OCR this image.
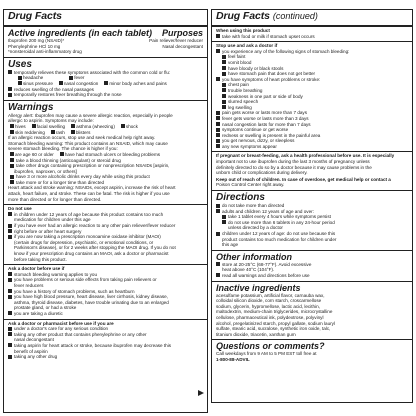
Drug Facts
Active ingredients (in each tablet) Purposes
Ibuprofen 200 mg (NSAID)*	Pain reliever/fever reducer
Phenylephrine HCl 10 mg	Nasal decongestant
*nonsteroidal anti-inflammatory drug
Uses
temporarily relieves these symptoms associated with the common cold or flu:
headache	fever
sinus pressure	nasal congestion	minor body aches and pains
reduces swelling of the nasal passages
temporarily restores freer breathing through the nose
Warnings
Allergy alert: Ibuprofen may cause a severe allergic reaction, especially in people
allergic to aspirin. Symptoms may include:
hives	facial swelling	asthma (wheezing)	shock
skin reddening	rash	blisters
If an allergic reaction occurs, stop use and seek medical help right away.
Stomach bleeding warning: This product contains an NSAID, which may cause
severe stomach bleeding. The chance is higher if you:
are age 60 or older	have had stomach ulcers or bleeding problems
take a blood thinning (anticoagulant) or steroid drug
take other drugs containing prescription or nonprescription NSAIDs [aspirin,
ibuprofen, naproxen, or others]
have 3 or more alcoholic drinks every day while using this product
take more or for a longer time than directed
Heart attack and stroke warning: NSAIDs, except aspirin, increase the risk of heart
attack, heart failure, and stroke. These can be fatal. The risk is higher if you use
more than directed or for longer than directed.
Do not use
in children under 12 years of age because this product contains too much
medication for children under this age
if you have ever had an allergic reaction to any other pain reliever/fever reducer
right before or after heart surgery
if you are now taking a prescription monoamine oxidase inhibitor (MAOI)
(certain drugs for depression, psychiatric, or emotional conditions, or
Parkinson's disease), or for 2 weeks after stopping the MAOI drug. If you do not
know if your prescription drug contains an MAOI, ask a doctor or pharmacist
before taking this product.
Ask a doctor before use if
stomach bleeding warning applies to you
you have problems or serious side effects from taking pain relievers or
fever reducers
you have a history of stomach problems, such as heartburn
you have high blood pressure, heart disease, liver cirrhosis, kidney disease,
asthma, thyroid disease, diabetes, have trouble urinating due to an enlarged
prostate gland, or had a stroke
you are taking a diuretic
Ask a doctor or pharmacist before use if you are
under a doctor's care for any serious condition
taking any other product that contains phenylephrine or any other
nasal decongestant
taking aspirin for heart attack or stroke, because ibuprofen may decrease this
benefit of aspirin
taking any other drug
Drug Facts (continued)
When using this product
take with food or milk if stomach upset occurs
Stop use and ask a doctor if
you experience any of the following signs of stomach bleeding:
feel faint
vomit blood
have bloody or black stools
have stomach pain that does not get better
you have symptoms of heart problems or stroke:
chest pain
trouble breathing
weakness in one part or side of body
slurred speech
leg swelling
pain gets worse or lasts more than 7 days
fever gets worse or lasts more than 3 days
nasal congestion lasts for more than 7 days
symptoms continue or get worse
redness or swelling is present in the painful area
you get nervous, dizzy, or sleepless
any new symptoms appear
If pregnant or breast-feeding, ask a health professional before use. It is especially
important not to use ibuprofen during the last 3 months of pregnancy unless
definitely directed to do so by a doctor because it may cause problems in the
unborn child or complications during delivery.
Keep out of reach of children. In case of overdose, get medical help or contact a
Poison Control Center right away.
Directions
do not take more than directed
adults and children 12 years of age and over:
take 1 tablet every 4 hours while symptoms persist
do not use more than 6 tablets in any 24-hour period
unless directed by a doctor
children under 12 years of age: do not use because this
product contains too much medication for children under
this age
Other information
store at 20-25°C (68-77°F). Avoid excessive
heat above 40°C (104°F).
read all warnings and directions before use
Inactive ingredients
acesulfame potassium, artificial flavor, carnauba wax,
colloidal silicon dioxide, corn starch, croscarmellose
sodium, glycerin, hypromellose, lactic acid, lecithin,
maltodextrin, medium-chain triglycerides, microcrystalline
cellulose, pharmaceutical ink, polydextrose, polyvinyl
alcohol, pregelatinized starch, propyl gallate, sodium lauryl
sulfate, stearic acid, sucralose, synthetic iron oxide, talc,
titanium dioxide, triacetin, xanthan gum
Questions or comments?
Call weekdays from 9 AM to 5 PM EST toll free at
1-800-88-ADVIL
